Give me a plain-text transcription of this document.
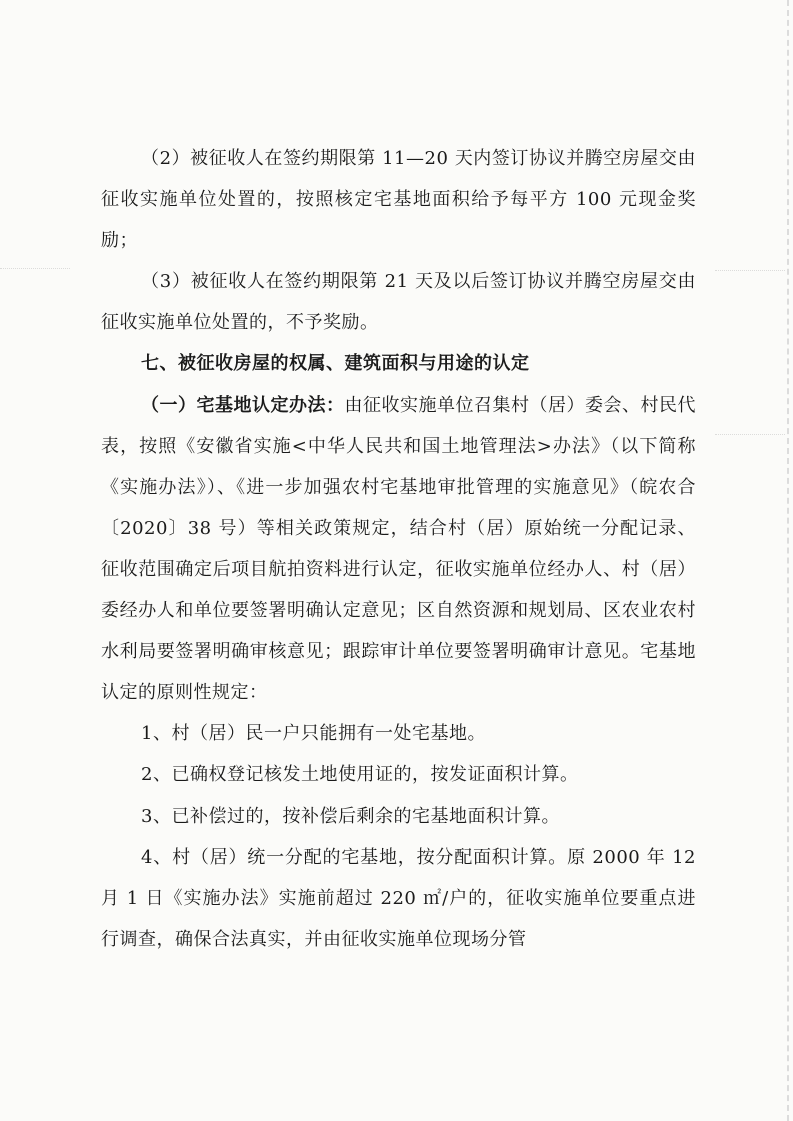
（2）被征收人在签约期限第 11—20 天内签订协议并腾空房屋交由征收实施单位处置的，按照核定宅基地面积给予每平方 100 元现金奖励；

（3）被征收人在签约期限第 21 天及以后签订协议并腾空房屋交由征收实施单位处置的，不予奖励。

七、被征收房屋的权属、建筑面积与用途的认定

（一）宅基地认定办法：由征收实施单位召集村（居）委会、村民代表，按照《安徽省实施<中华人民共和国土地管理法>办法》（以下简称《实施办法》）、《进一步加强农村宅基地审批管理的实施意见》（皖农合〔2020〕38 号）等相关政策规定，结合村（居）原始统一分配记录、征收范围确定后项目航拍资料进行认定，征收实施单位经办人、村（居）委经办人和单位要签署明确认定意见；区自然资源和规划局、区农业农村水利局要签署明确审核意见；跟踪审计单位要签署明确审计意见。宅基地认定的原则性规定：

1、村（居）民一户只能拥有一处宅基地。

2、已确权登记核发土地使用证的，按发证面积计算。

3、已补偿过的，按补偿后剩余的宅基地面积计算。

4、村（居）统一分配的宅基地，按分配面积计算。原 2000 年 12 月 1 日《实施办法》实施前超过 220 ㎡/户的，征收实施单位要重点进行调查，确保合法真实，并由征收实施单位现场分管
